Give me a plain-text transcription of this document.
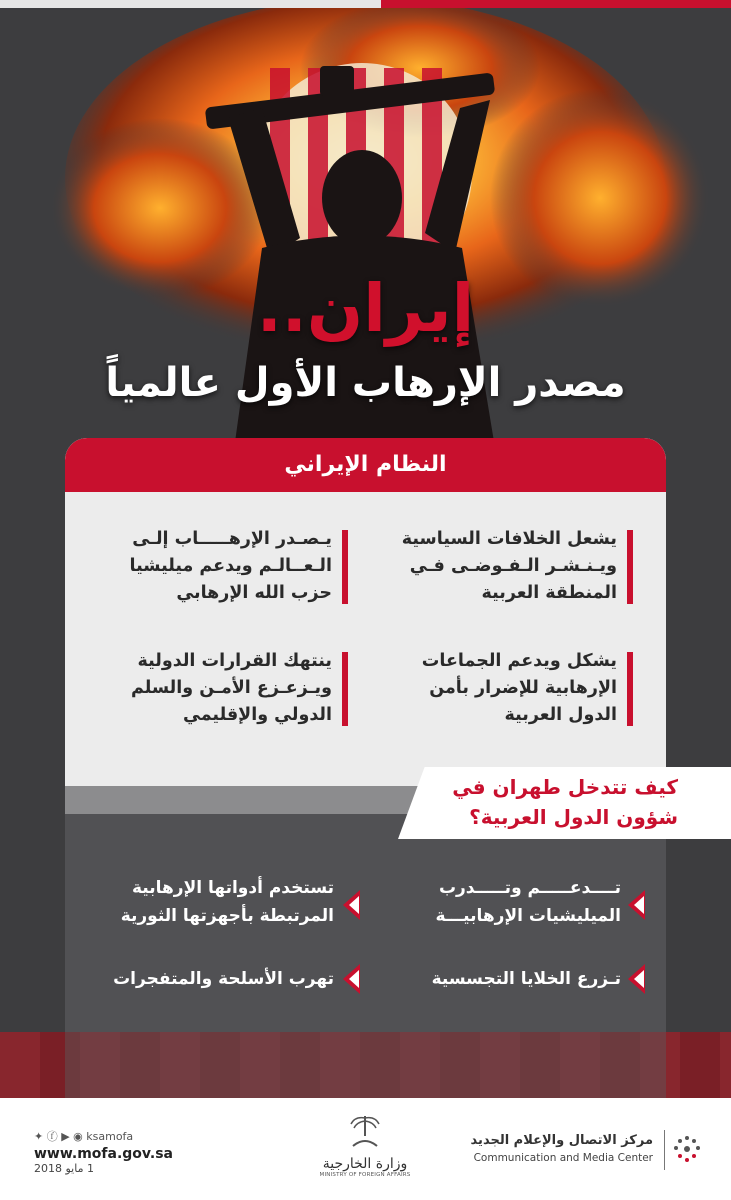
إيران..
مصدر الإرهاب الأول عالمياً
النظام الإيراني
يشعل الخلافات السياسية
ويـنـشـر الـفـوضـى فـي
المنطقة العربية
يـصـدر الإرهـــــاب إلـى
الـعــالـم ويدعم ميليشيا
حزب الله الإرهابي
يشكل ويدعم الجماعات
الإرهابية للإضرار بأمن
الدول العربية
ينتهك القرارات الدولية
ويـزعـزع الأمـن والسلم
الدولي والإقليمي
كيف تتدخل طهران في
شؤون الدول العربية؟
تــــدعـــــم وتـــــدرب
الميليشيات الإرهابيـــة
تستخدم أدواتها الإرهابية
المرتبطة بأجهزتها الثورية
تـزرع الخلايا التجسسية
تهرب الأسلحة والمتفجرات
✦ ⓕ ▶ ◉ ksamofa
www.mofa.gov.sa
1 مايو 2018	وزارة الخارجية
MINISTRY OF FOREIGN AFFAIRS
مركز الاتصال والإعلام الجديد
Communication and Media Center
